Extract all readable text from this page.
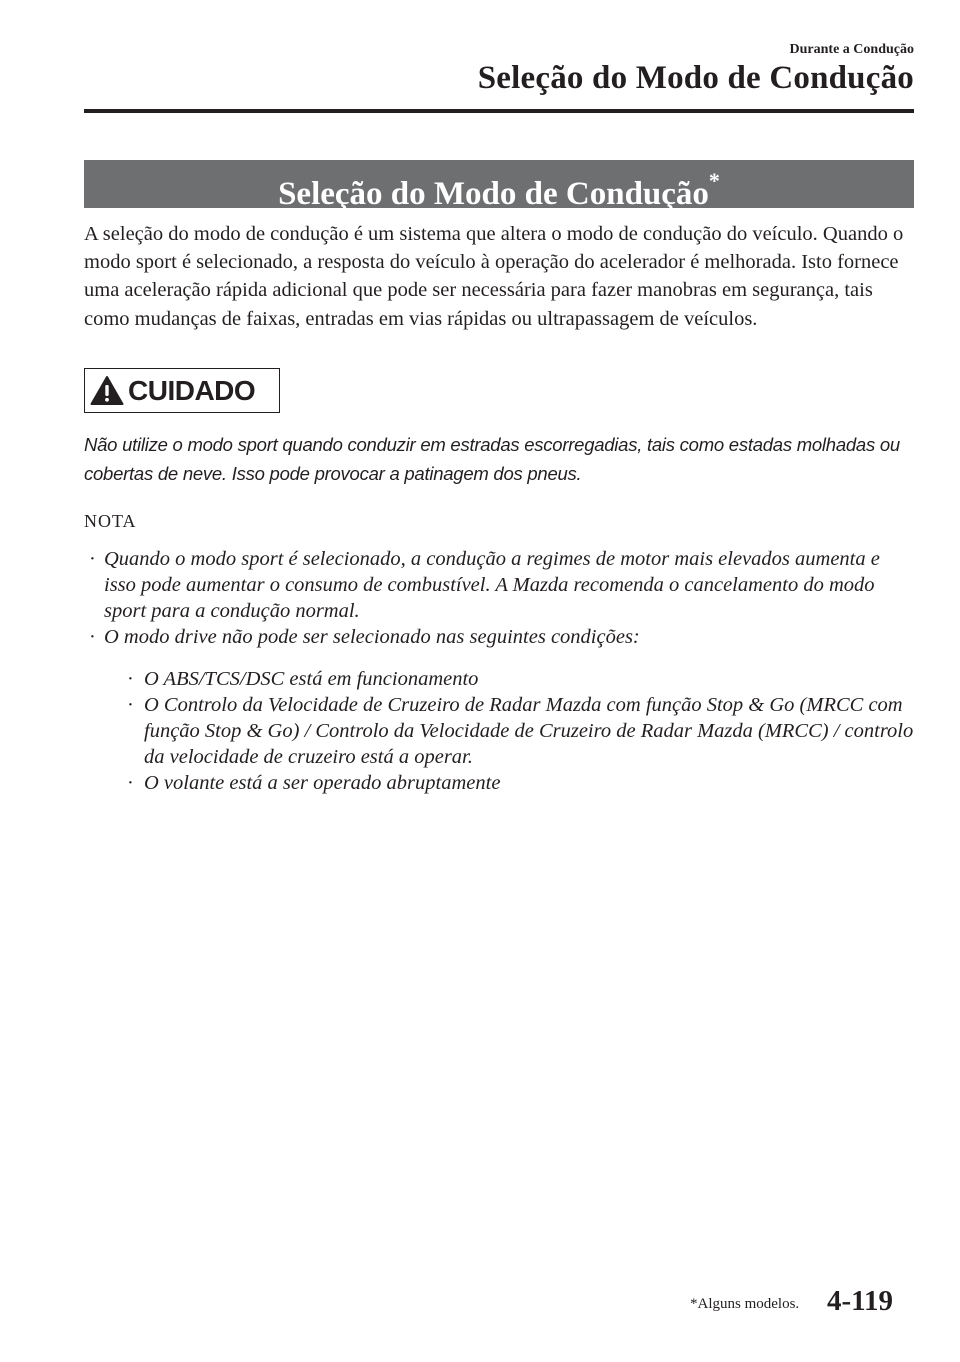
Durante a Condução
Seleção do Modo de Condução
Seleção do Modo de Condução*

A seleção do modo de condução é um sistema que altera o modo de condução do veículo. Quando o modo sport é selecionado, a resposta do veículo à operação do acelerador é melhorada. Isto fornece uma aceleração rápida adicional que pode ser necessária para fazer manobras em segurança, tais como mudanças de faixas, entradas em vias rápidas ou ultrapassagem de veículos.

CUIDADO

Não utilize o modo sport quando conduzir em estradas escorregadias, tais como estadas molhadas ou cobertas de neve. Isso pode provocar a patinagem dos pneus.

NOTA
· Quando o modo sport é selecionado, a condução a regimes de motor mais elevados aumenta e isso pode aumentar o consumo de combustível. A Mazda recomenda o cancelamento do modo sport para a condução normal.
· O modo drive não pode ser selecionado nas seguintes condições:
· O ABS/TCS/DSC está em funcionamento
· O Controlo da Velocidade de Cruzeiro de Radar Mazda com função Stop & Go (MRCC com função Stop & Go) / Controlo da Velocidade de Cruzeiro de Radar Mazda (MRCC) / controlo da velocidade de cruzeiro está a operar.
· O volante está a ser operado abruptamente
*Alguns modelos. 4-119
